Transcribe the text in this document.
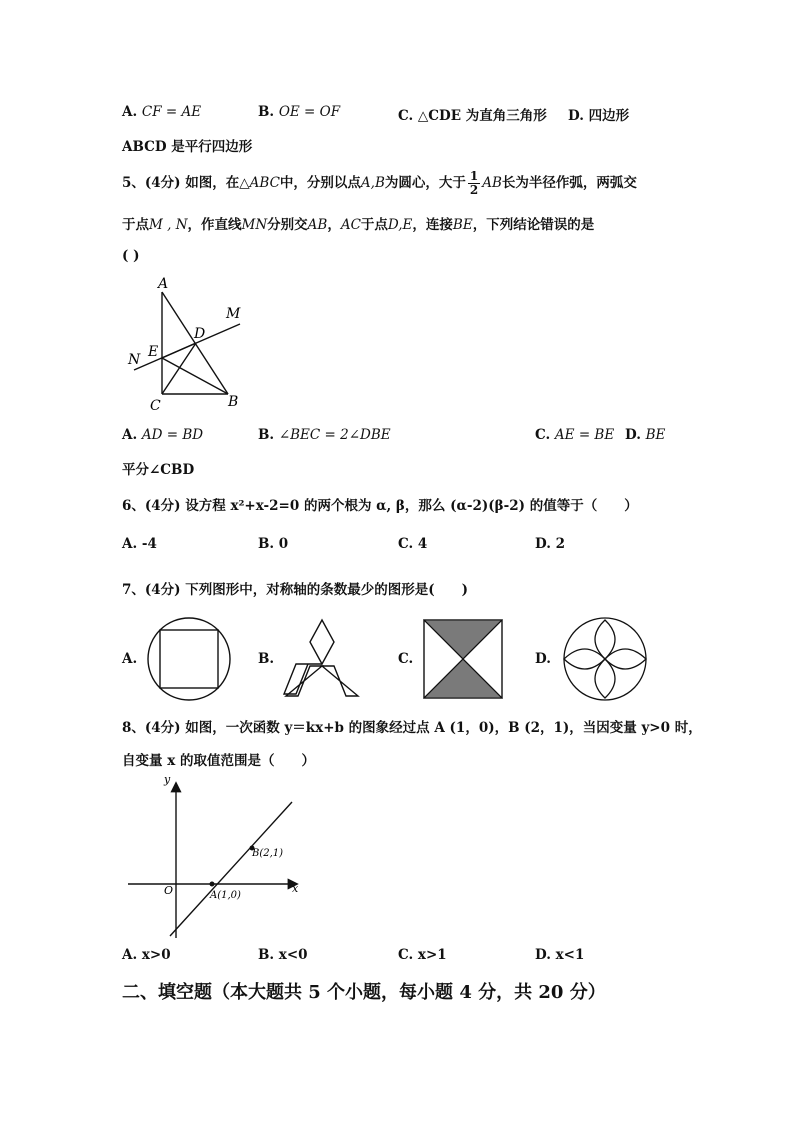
A. CF = AE	B. OE = OF	C. △CDE 为直角三角形 D. 四边形
ABCD 是平行四边形
5、(4分) 如图，在△ABC中，分别以点A,B为圆心，大于 $\frac{1}{2}$ AB长为半径作弧，两弧交
于点M , N，作直线MN分别交AB，AC于点D,E，连接BE，下列结论错误的是
( )
A
M
D
N E
C	B
A. AD = BD	B. ∠BEC = 2∠DBE	C. AE = BE D. BE
平分∠CBD
6、(4分) 设方程 x²+x-2=0 的两个根为 α, β，那么 (α-2)(β-2) 的值等于（　　）
A. -4	B. 0	C. 4	D. 2
7、(4分) 下列图形中，对称轴的条数最少的图形是(　　)
A.	B.	C.	D.
8、(4分) 如图，一次函数 y＝kx+b 的图象经过点 A (1，0)，B (2，1)，当因变量 y>0 时，
自变量 x 的取值范围是（　　）
y
x
O	A(1,0)
B(2,1)
A. x>0	B. x<0	C. x>1	D. x<1
二、填空题（本大题共 5 个小题，每小题 4 分，共 20 分）
